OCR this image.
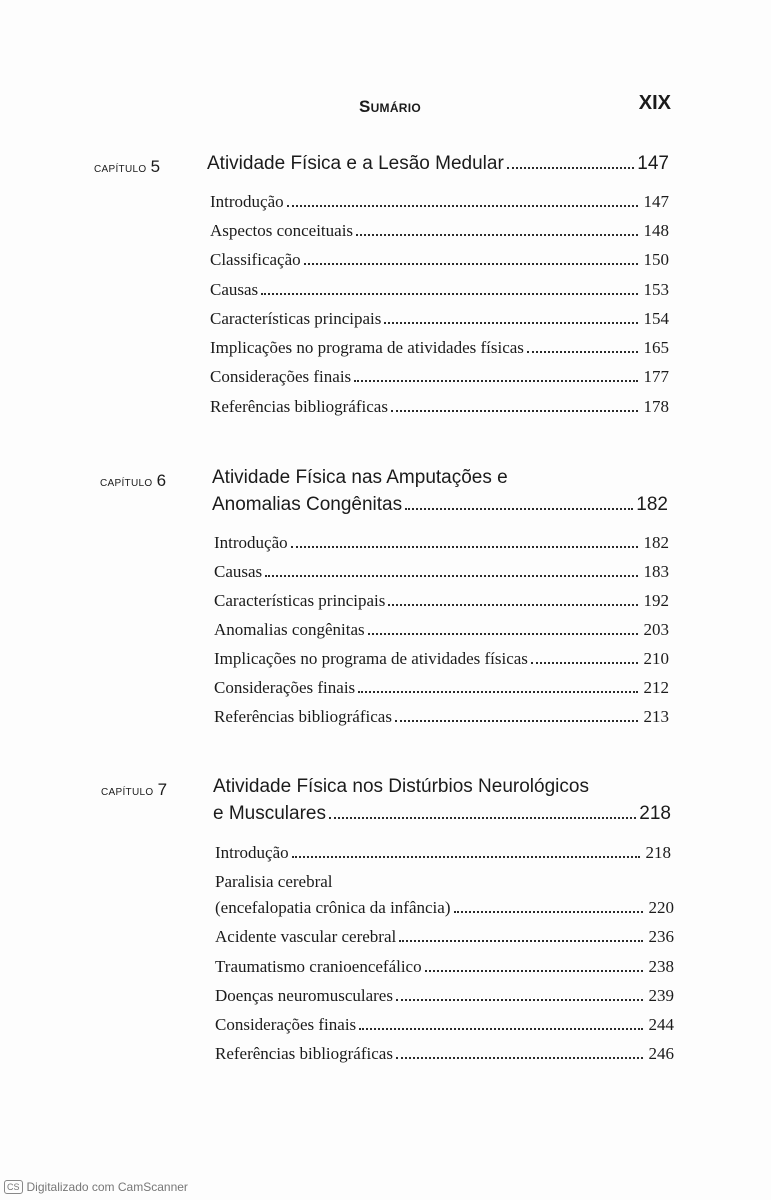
Sumário	XIX
capítulo 5 Atividade Física e a Lesão Medular	147
Introdução	147
Aspectos conceituais	148
Classificação	150
Causas	153
Características principais	154
Implicações no programa de atividades físicas	165
Considerações finais	177
Referências bibliográficas	178
capítulo 6 Atividade Física nas Amputações e
Anomalias Congênitas	182
Introdução	182
Causas	183
Características principais	192
Anomalias congênitas	203
Implicações no programa de atividades físicas	210
Considerações finais	212
Referências bibliográficas	213
capítulo 7 Atividade Física nos Distúrbios Neurológicos
e Musculares	218
Introdução	218
Paralisia cerebral
(encefalopatia crônica da infância)	220
Acidente vascular cerebral	236
Traumatismo cranioencefálico	238
Doenças neuromusculares	239
Considerações finais	244
Referências bibliográficas	246
CS Digitalizado com CamScanner
